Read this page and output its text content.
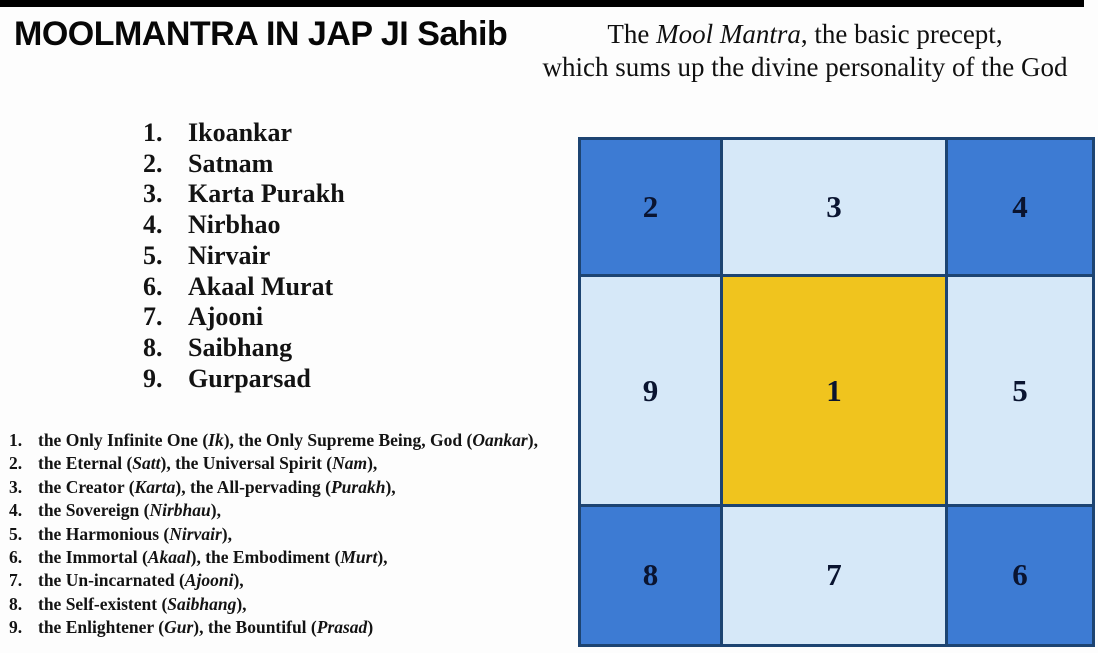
MOOLMANTRA IN JAP JI Sahib	The Mool Mantra, the basic precept,
which sums up the divine personality of the God
1. Ikoankar
2. Satnam
3. Karta Purakh
4. Nirbhao
5. Nirvair
6. Akaal Murat
7. Ajooni
8. Saibhang
9. Gurparsad
1. the Only Infinite One (Ik), the Only Supreme Being, God (Oankar),
2. the Eternal (Satt), the Universal Spirit (Nam),
3. the Creator (Karta), the All-pervading (Purakh),
4. the Sovereign (Nirbhau),
5. the Harmonious (Nirvair),
6. the Immortal (Akaal), the Embodiment (Murt),
7. the Un-incarnated (Ajooni),
8. the Self-existent (Saibhang),
9. the Enlightener (Gur), the Bountiful (Prasad)
2	3	4
9	1	5
8	7	6
